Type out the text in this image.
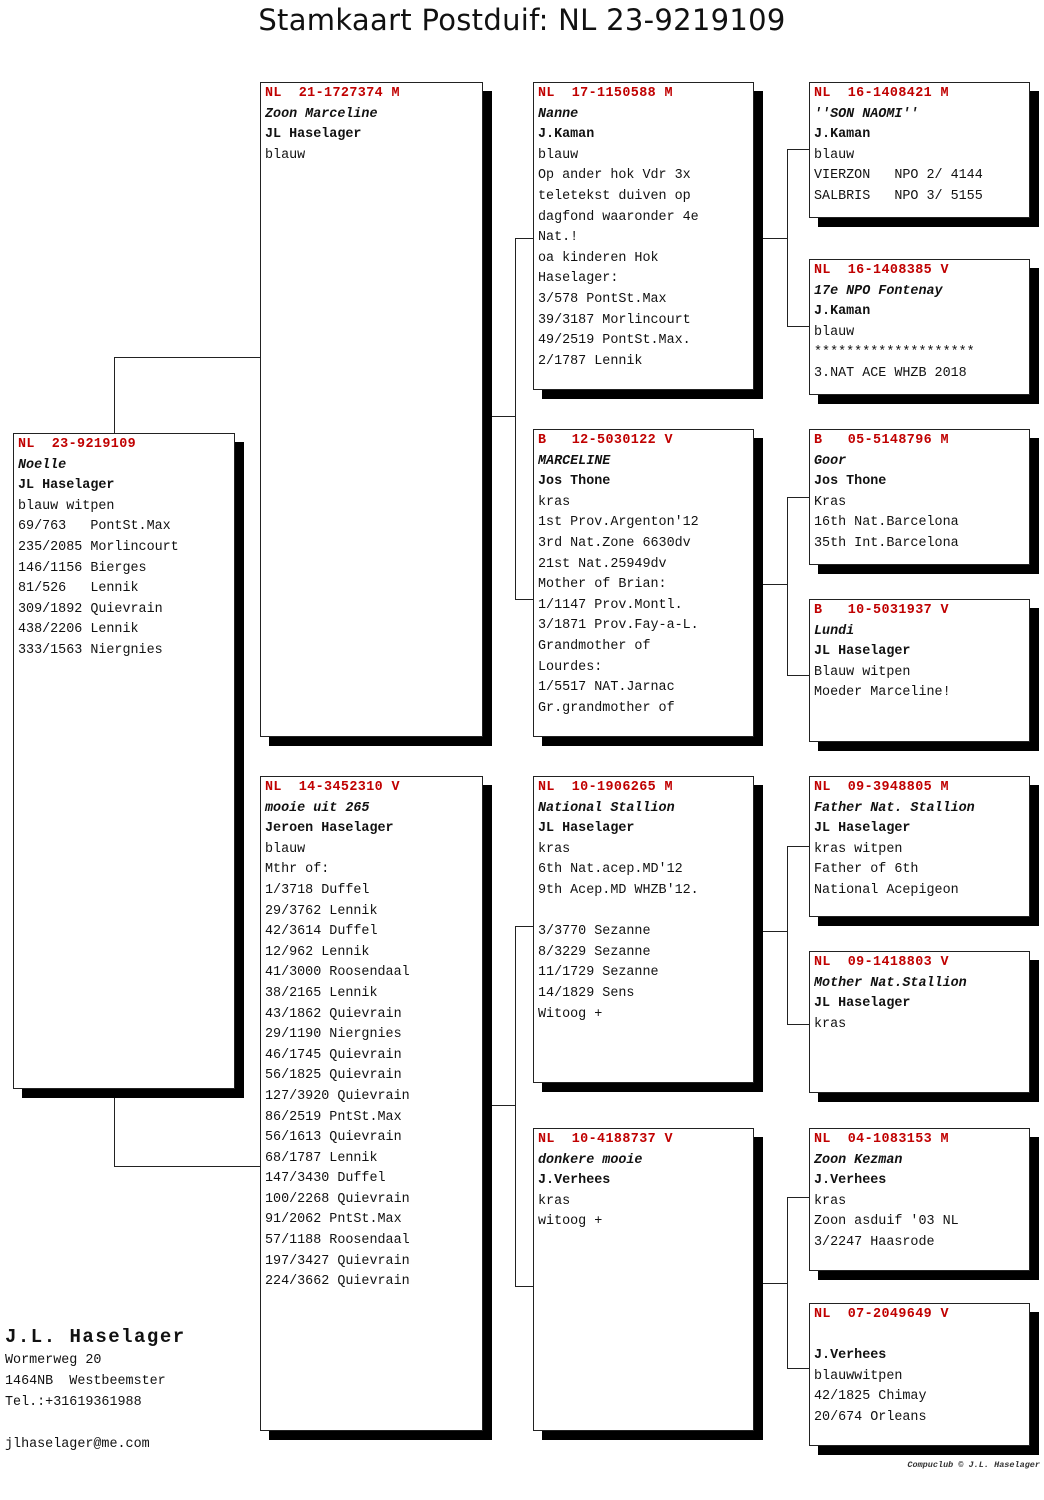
Stamkaart Postduif: NL 23-9219109
NL  23-9219109
Noelle
JL Haselager
blauw witpen
69/763   PontSt.Max
235/2085 Morlincourt
146/1156 Bierges
81/526   Lennik
309/1892 Quievrain
438/2206 Lennik
333/1563 Niergnies
NL  21-1727374 M
Zoon Marceline
JL Haselager
blauw
NL  14-3452310 V
mooie uit 265
Jeroen Haselager
blauw
Mthr of:
1/3718 Duffel
29/3762 Lennik
42/3614 Duffel
12/962 Lennik
41/3000 Roosendaal
38/2165 Lennik
43/1862 Quievrain
29/1190 Niergnies
46/1745 Quievrain
56/1825 Quievrain
127/3920 Quievrain
86/2519 PntSt.Max
56/1613 Quievrain
68/1787 Lennik
147/3430 Duffel
100/2268 Quievrain
91/2062 PntSt.Max
57/1188 Roosendaal
197/3427 Quievrain
224/3662 Quievrain
NL  17-1150588 M
Nanne
J.Kaman
blauw
Op ander hok Vdr 3x
teletekst duiven op
dagfond waaronder 4e
Nat.!
oa kinderen Hok
Haselager:
3/578 PontSt.Max
39/3187 Morlincourt
49/2519 PontSt.Max.
2/1787 Lennik
B   12-5030122 V
MARCELINE
Jos Thone
kras
1st Prov.Argenton'12
3rd Nat.Zone 6630dv
21st Nat.25949dv
Mother of Brian:
1/1147 Prov.Montl.
3/1871 Prov.Fay-a-L.
Grandmother of
Lourdes:
1/5517 NAT.Jarnac
Gr.grandmother of
NL  10-1906265 M
National Stallion
JL Haselager
kras
6th Nat.acep.MD'12
9th Acep.MD WHZB'12.
3/3770 Sezanne
8/3229 Sezanne
11/1729 Sezanne
14/1829 Sens
Witoog +
NL  10-4188737 V
donkere mooie
J.Verhees
kras
witoog +
NL  16-1408421 M
''SON NAOMI''
J.Kaman
blauw
VIERZON   NPO 2/ 4144
SALBRIS   NPO 3/ 5155
NL  16-1408385 V
17e NPO Fontenay
J.Kaman
blauw
********************
3.NAT ACE WHZB 2018
B   05-5148796 M
Goor
Jos Thone
Kras
16th Nat.Barcelona
35th Int.Barcelona
B   10-5031937 V
Lundi
JL Haselager
Blauw witpen
Moeder Marceline!
NL  09-3948805 M
Father Nat. Stallion
JL Haselager
kras witpen
Father of 6th
National Acepigeon
NL  09-1418803 V
Mother Nat.Stallion
JL Haselager
kras
NL  04-1083153 M
Zoon Kezman
J.Verhees
kras
Zoon asduif '03 NL
3/2247 Haasrode
NL  07-2049649 V
J.Verhees
blauwwitpen
42/1825 Chimay
20/674 Orleans
J.L. Haselager
Wormerweg 20
1464NB  Westbeemster
Tel.:+31619361988
jlhaselager@me.com
Compuclub © J.L. Haselager
